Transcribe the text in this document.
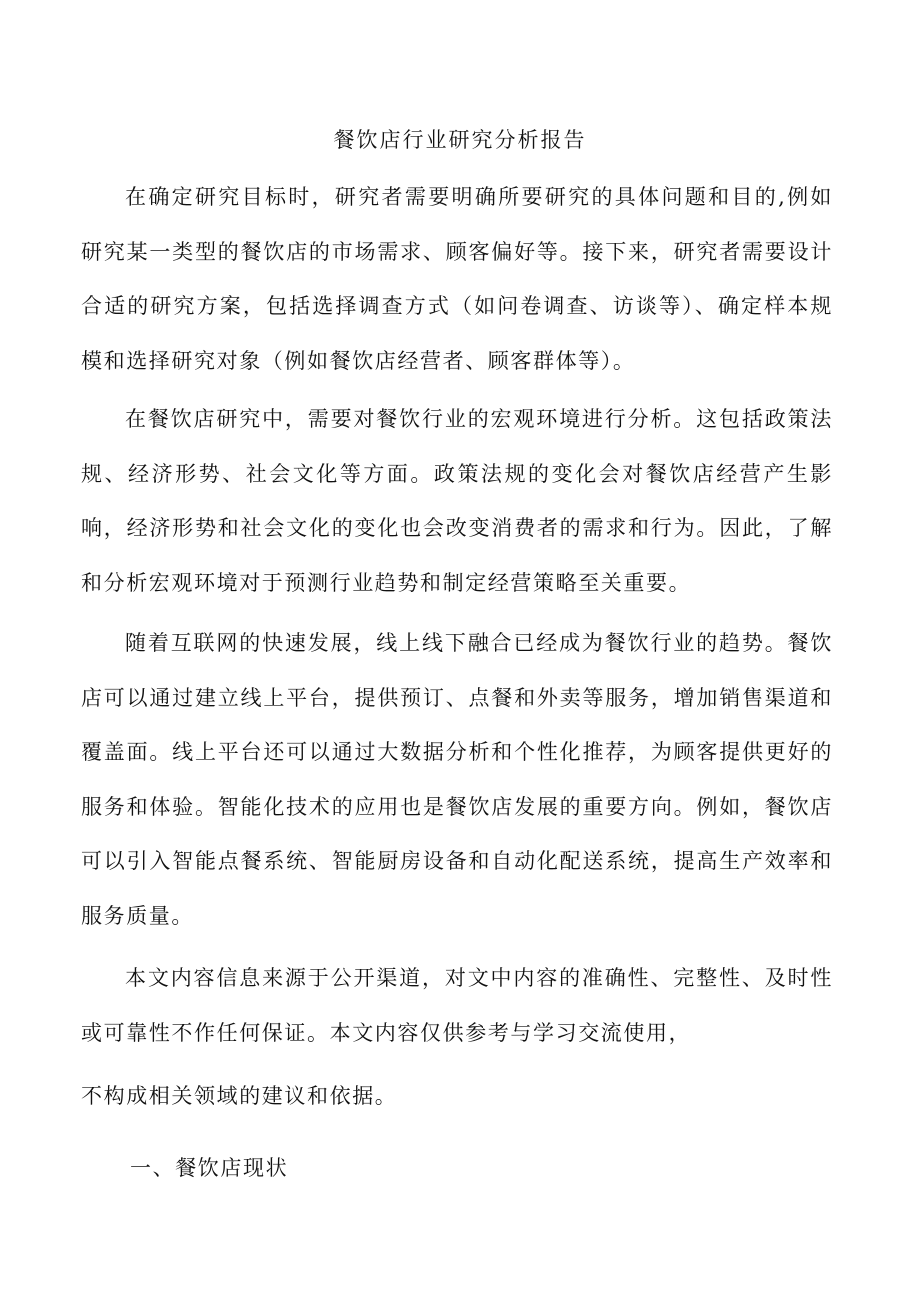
餐饮店行业研究分析报告

在确定研究目标时，研究者需要明确所要研究的具体问题和目的,例如研究某一类型的餐饮店的市场需求、顾客偏好等。接下来，研究者需要设计合适的研究方案，包括选择调查方式（如问卷调查、访谈等）、确定样本规模和选择研究对象（例如餐饮店经营者、顾客群体等）。

在餐饮店研究中，需要对餐饮行业的宏观环境进行分析。这包括政策法规、经济形势、社会文化等方面。政策法规的变化会对餐饮店经营产生影响，经济形势和社会文化的变化也会改变消费者的需求和行为。因此，了解和分析宏观环境对于预测行业趋势和制定经营策略至关重要。

随着互联网的快速发展，线上线下融合已经成为餐饮行业的趋势。餐饮店可以通过建立线上平台，提供预订、点餐和外卖等服务，增加销售渠道和覆盖面。线上平台还可以通过大数据分析和个性化推荐，为顾客提供更好的服务和体验。智能化技术的应用也是餐饮店发展的重要方向。例如，餐饮店可以引入智能点餐系统、智能厨房设备和自动化配送系统，提高生产效率和服务质量。

本文内容信息来源于公开渠道，对文中内容的准确性、完整性、及时性或可靠性不作任何保证。本文内容仅供参考与学习交流使用，

不构成相关领域的建议和依据。

一、餐饮店现状
